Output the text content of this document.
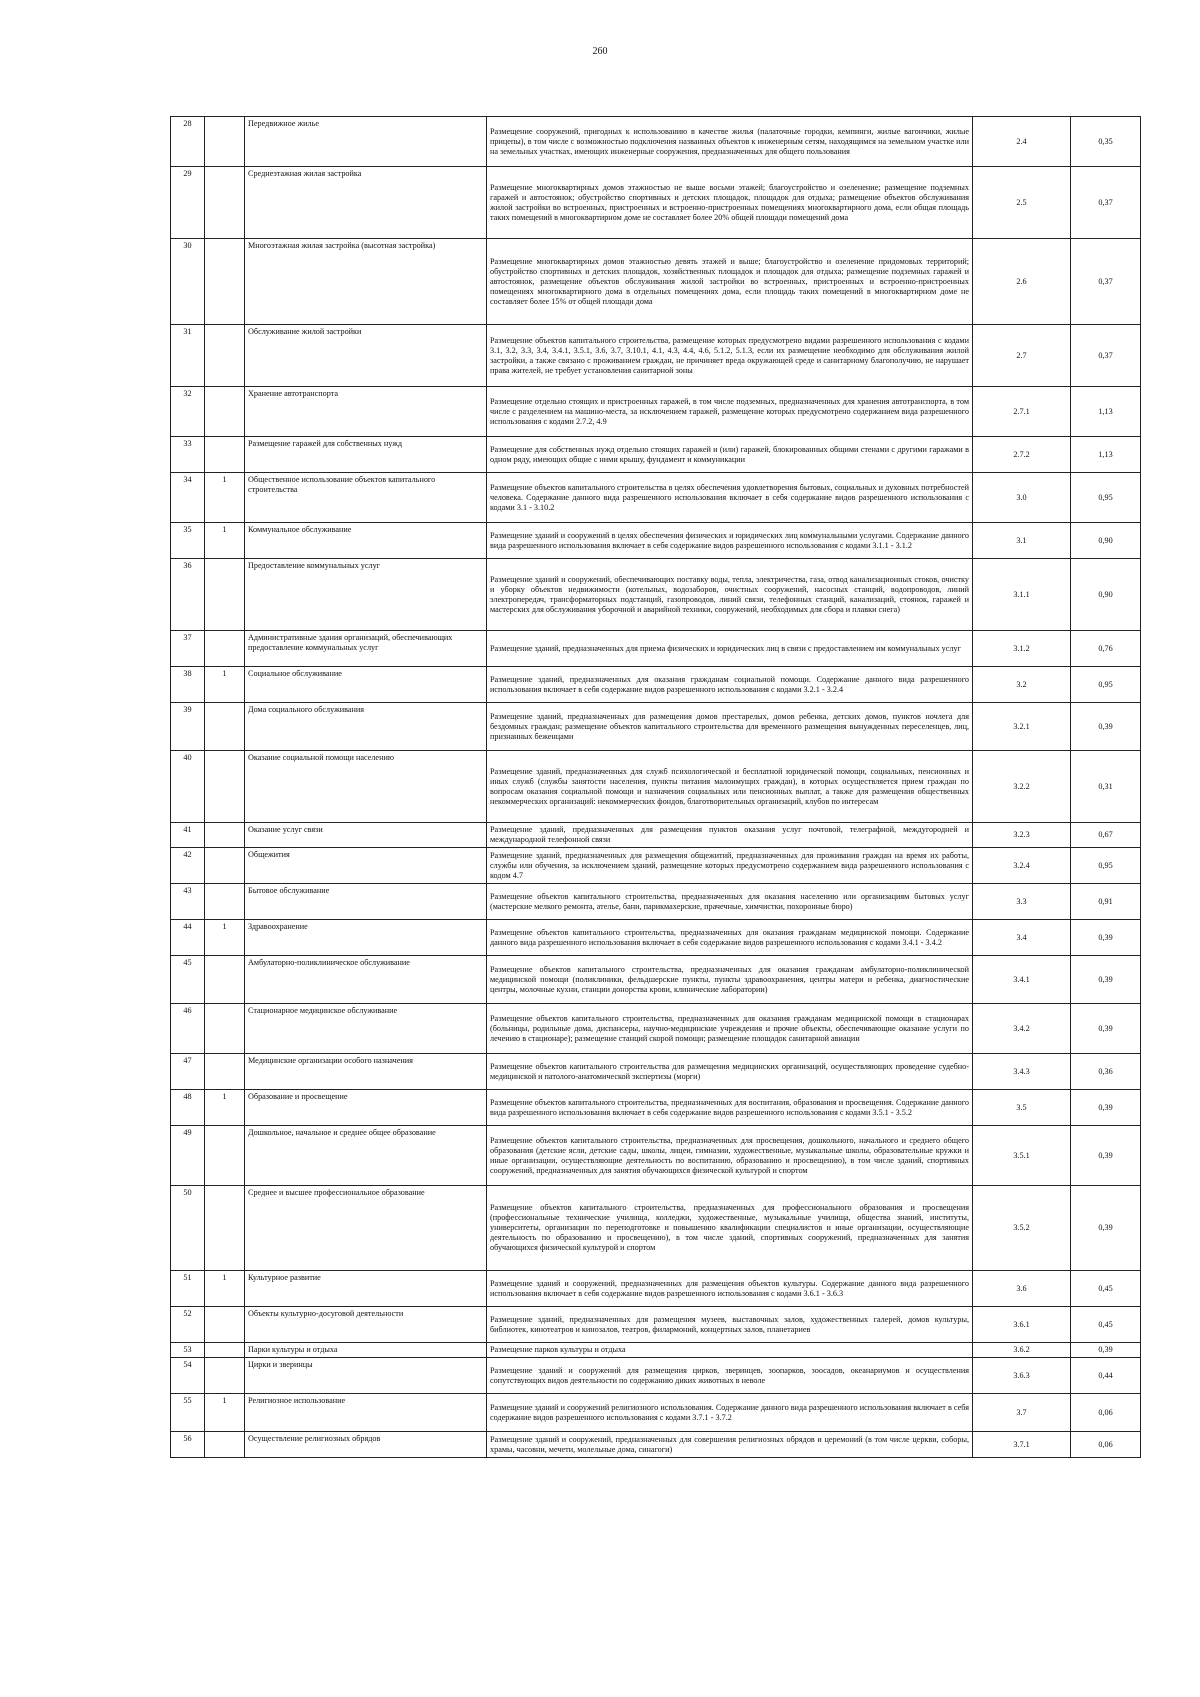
260
28		Передвижное жилье	Размещение сооружений, пригодных к использованию в качестве жилья (палаточные городки, кемпинги, жилые вагончики, жилые прицепы), в том числе с возможностью подключения названных объектов к инженерным сетям, находящимся на земельном участке или на земельных участках, имеющих инженерные сооружения, предназначенных для общего пользования	2.4	0,35
29		Среднеэтажная жилая застройка	Размещение многоквартирных домов этажностью не выше восьми этажей; благоустройство и озеленение; размещение подземных гаражей и автостоянок; обустройство спортивных и детских площадок, площадок для отдыха; размещение объектов обслуживания жилой застройки во встроенных, пристроенных и встроенно-пристроенных помещениях многоквартирного дома, если общая площадь таких помещений в многоквартирном доме не составляет более 20% общей площади помещений дома	2.5	0,37
30		Многоэтажная жилая застройка (высотная застройка)	Размещение многоквартирных домов этажностью девять этажей и выше; благоустройство и озеленение придомовых территорий; обустройство спортивных и детских площадок, хозяйственных площадок и площадок для отдыха; размещение подземных гаражей и автостоянок, размещение объектов обслуживания жилой застройки во встроенных, пристроенных и встроенно-пристроенных помещениях многоквартирного дома в отдельных помещениях дома, если площадь таких помещений в многоквартирном доме не составляет более 15% от общей площади дома	2.6	0,37
31		Обслуживание жилой застройки	Размещение объектов капитального строительства, размещение которых предусмотрено видами разрешенного использования с кодами 3.1, 3.2, 3.3, 3.4, 3.4.1, 3.5.1, 3.6, 3.7, 3.10.1, 4.1, 4.3, 4.4, 4.6, 5.1.2, 5.1.3, если их размещение необходимо для обслуживания жилой застройки, а также связано с проживанием граждан, не причиняет вреда окружающей среде и санитарному благополучию, не нарушает права жителей, не требует установления санитарной зоны	2.7	0,37
32		Хранение автотранспорта	Размещение отдельно стоящих и пристроенных гаражей, в том числе подземных, предназначенных для хранения автотранспорта, в том числе с разделением на машино-места, за исключением гаражей, размещение которых предусмотрено содержанием вида разрешенного использования с кодами 2.7.2, 4.9	2.7.1	1,13
33		Размещение гаражей для собственных нужд	Размещение для собственных нужд отдельно стоящих гаражей и (или) гаражей, блокированных общими стенами с другими гаражами в одном ряду, имеющих общие с ними крышу, фундамент и коммуникации	2.7.2	1,13
34	1	Общественное использование объектов капитального строительства	Размещение объектов капитального строительства в целях обеспечения удовлетворения бытовых, социальных и духовных потребностей человека. Содержание данного вида разрешенного использования включает в себя содержание видов разрешенного использования с кодами 3.1 - 3.10.2	3.0	0,95
35	1	Коммунальное обслуживание	Размещение зданий и сооружений в целях обеспечения физических и юридических лиц коммунальными услугами. Содержание данного вида разрешенного использования включает в себя содержание видов разрешенного использования с кодами 3.1.1 - 3.1.2	3.1	0,90
36		Предоставление коммунальных услуг	Размещение зданий и сооружений, обеспечивающих поставку воды, тепла, электричества, газа, отвод канализационных стоков, очистку и уборку объектов недвижимости (котельных, водозаборов, очистных сооружений, насосных станций, водопроводов, линий электропередач, трансформаторных подстанций, газопроводов, линий связи, телефонных станций, канализаций, стоянок, гаражей и мастерских для обслуживания уборочной и аварийной техники, сооружений, необходимых для сбора и плавки снега)	3.1.1	0,90
37		Административные здания организаций, обеспечивающих предоставление коммунальных услуг	Размещение зданий, предназначенных для приема физических и юридических лиц в связи с предоставлением им коммунальных услуг	3.1.2	0,76
38	1	Социальное обслуживание	Размещение зданий, предназначенных для оказания гражданам социальной помощи. Содержание данного вида разрешенного использования включает в себя содержание видов разрешенного использования с кодами 3.2.1 - 3.2.4	3.2	0,95
39		Дома социального обслуживания	Размещение зданий, предназначенных для размещения домов престарелых, домов ребенка, детских домов, пунктов ночлега для бездомных граждан; размещение объектов капитального строительства для временного размещения вынужденных переселенцев, лиц, признанных беженцами	3.2.1	0,39
40		Оказание социальной помощи населению	Размещение зданий, предназначенных для служб психологической и бесплатной юридической помощи, социальных, пенсионных и иных служб (службы занятости населения, пункты питания малоимущих граждан), в которых осуществляется прием граждан по вопросам оказания социальной помощи и назначения социальных или пенсионных выплат, а также для размещения общественных некоммерческих организаций: некоммерческих фондов, благотворительных организаций, клубов по интересам	3.2.2	0,31
41		Оказание услуг связи	Размещение зданий, предназначенных для размещения пунктов оказания услуг почтовой, телеграфной, междугородней и международной телефонной связи	3.2.3	0,67
42		Общежития	Размещение зданий, предназначенных для размещения общежитий, предназначенных для проживания граждан на время их работы, службы или обучения, за исключением зданий, размещение которых предусмотрено содержанием вида разрешенного использования с кодом 4.7	3.2.4	0,95
43		Бытовое обслуживание	Размещение объектов капитального строительства, предназначенных для оказания населению или организациям бытовых услуг (мастерские мелкого ремонта, ателье, бани, парикмахерские, прачечные, химчистки, похоронные бюро)	3.3	0,91
44	1	Здравоохранение	Размещение объектов капитального строительства, предназначенных для оказания гражданам медицинской помощи. Содержание данного вида разрешенного использования включает в себя содержание видов разрешенного использования с кодами 3.4.1 - 3.4.2	3.4	0,39
45		Амбулаторно-поликлиническое обслуживание	Размещение объектов капитального строительства, предназначенных для оказания гражданам амбулаторно-поликлинической медицинской помощи (поликлиники, фельдшерские пункты, пункты здравоохранения, центры матери и ребенка, диагностические центры, молочные кухни, станции донорства крови, клинические лаборатории)	3.4.1	0,39
46		Стационарное медицинское обслуживание	Размещение объектов капитального строительства, предназначенных для оказания гражданам медицинской помощи в стационарах (больницы, родильные дома, диспансеры, научно-медицинские учреждения и прочие объекты, обеспечивающие оказание услуги по лечению в стационаре); размещение станций скорой помощи; размещение площадок санитарной авиации	3.4.2	0,39
47		Медицинские организации особого назначения	Размещение объектов капитального строительства для размещения медицинских организаций, осуществляющих проведение судебно-медицинской и патолого-анатомической экспертизы (морги)	3.4.3	0,36
48	1	Образование и просвещение	Размещение объектов капитального строительства, предназначенных для воспитания, образования и просвещения. Содержание данного вида разрешенного использования включает в себя содержание видов разрешенного использования с кодами 3.5.1 - 3.5.2	3.5	0,39
49		Дошкольное, начальное и среднее общее образование	Размещение объектов капитального строительства, предназначенных для просвещения, дошкольного, начального и среднего общего образования (детские ясли, детские сады, школы, лицеи, гимназии, художественные, музыкальные школы, образовательные кружки и иные организации, осуществляющие деятельность по воспитанию, образованию и просвещению), в том числе зданий, спортивных сооружений, предназначенных для занятия обучающихся физической культурой и спортом	3.5.1	0,39
50		Среднее и высшее профессиональное образование	Размещение объектов капитального строительства, предназначенных для профессионального образования и просвещения (профессиональные технические училища, колледжи, художественные, музыкальные училища, общества знаний, институты, университеты, организации по переподготовке и повышению квалификации специалистов и иные организации, осуществляющие деятельность по образованию и просвещению), в том числе зданий, спортивных сооружений, предназначенных для занятия обучающихся физической культурой и спортом	3.5.2	0,39
51	1	Культурное развитие	Размещение зданий и сооружений, предназначенных для размещения объектов культуры. Содержание данного вида разрешенного использования включает в себя содержание видов разрешенного использования с кодами 3.6.1 - 3.6.3	3.6	0,45
52		Объекты культурно-досуговой деятельности	Размещение зданий, предназначенных для размещения музеев, выставочных залов, художественных галерей, домов культуры, библиотек, кинотеатров и кинозалов, театров, филармоний, концертных залов, планетариев	3.6.1	0,45
53		Парки культуры и отдыха	Размещение парков культуры и отдыха	3.6.2	0,39
54		Цирки и зверинцы	Размещение зданий и сооружений для размещения цирков, зверинцев, зоопарков, зоосадов, океанариумов и осуществления сопутствующих видов деятельности по содержанию диких животных в неволе	3.6.3	0,44
55	1	Религиозное использование	Размещение зданий и сооружений религиозного использования. Содержание данного вида разрешенного использования включает в себя содержание видов разрешенного использования с кодами 3.7.1 - 3.7.2	3.7	0,06
56		Осуществление религиозных обрядов	Размещение зданий и сооружений, предназначенных для совершения религиозных обрядов и церемоний (в том числе церкви, соборы, храмы, часовни, мечети, молельные дома, синагоги)	3.7.1	0,06
